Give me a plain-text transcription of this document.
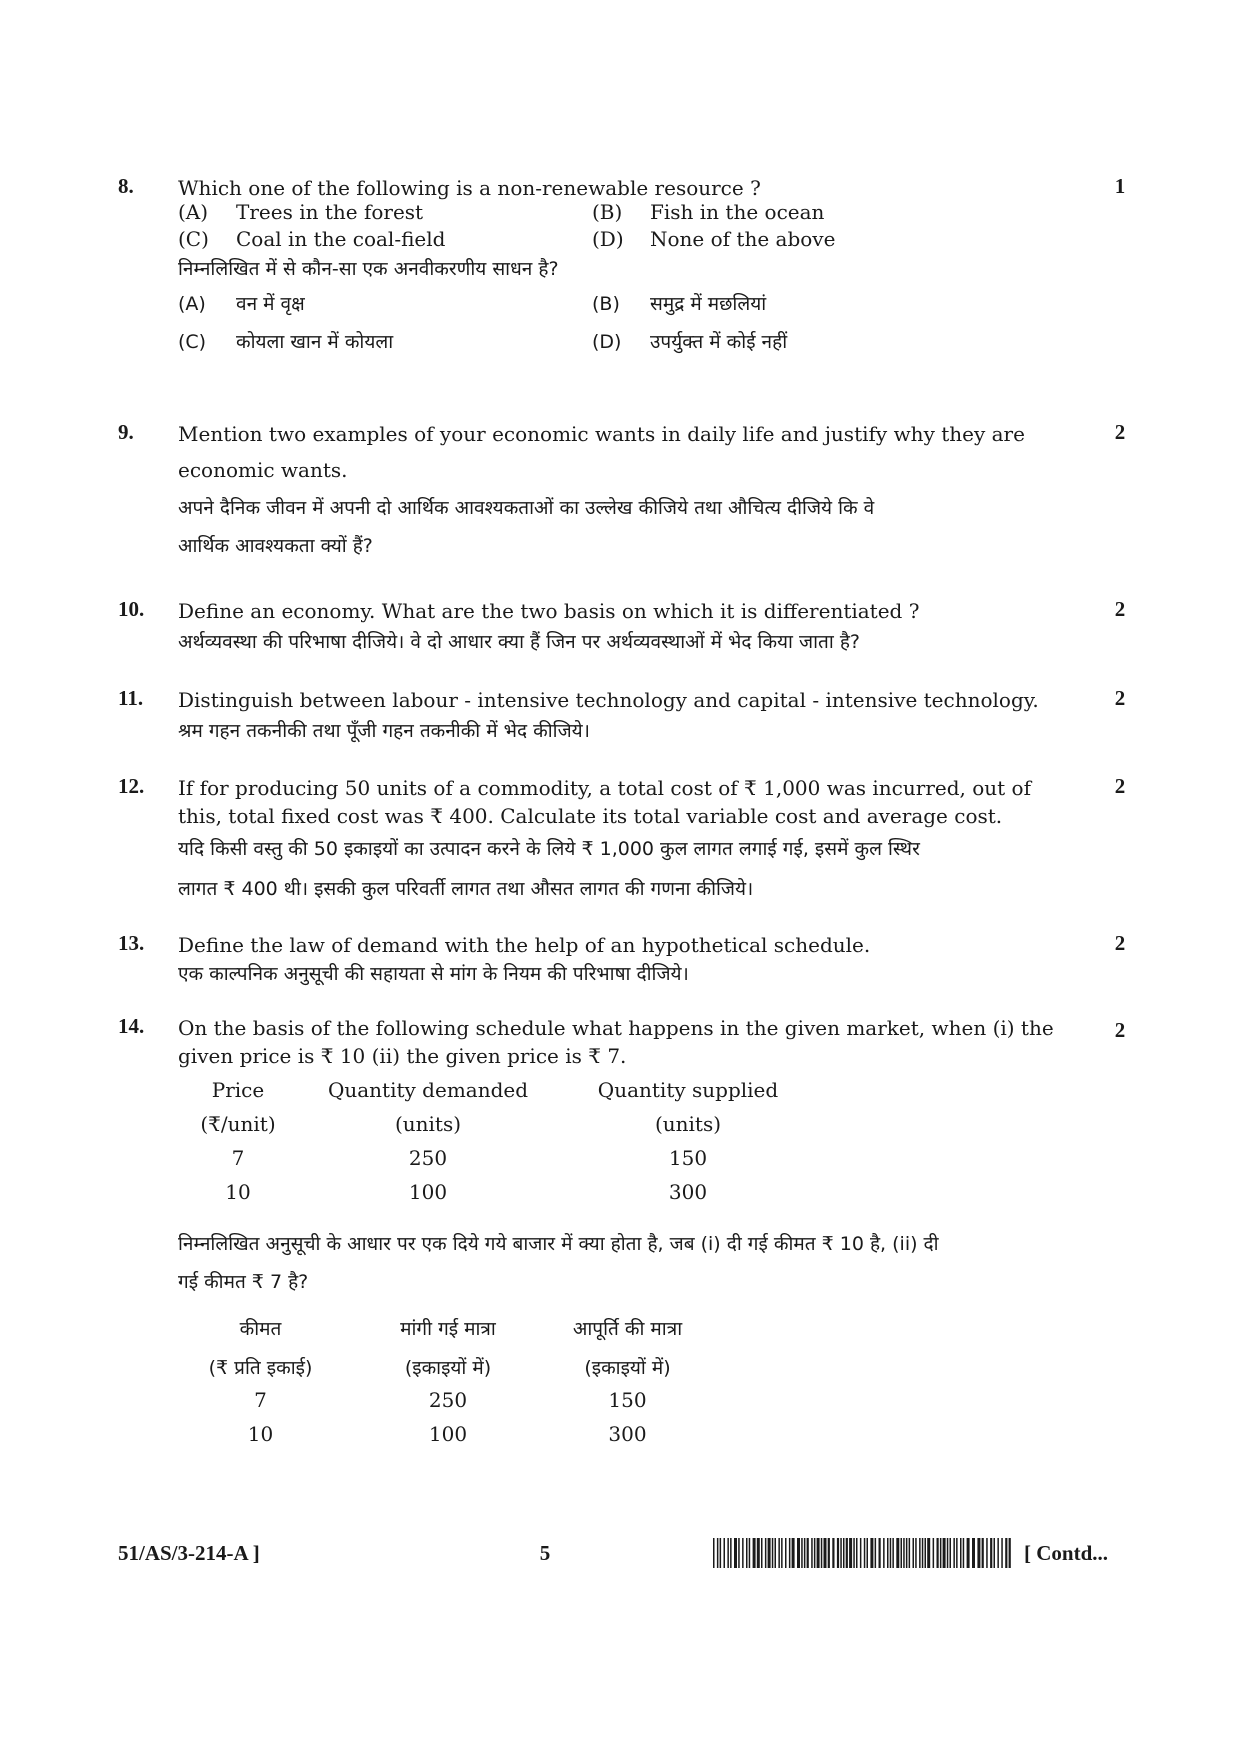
8.	1
Which one of the following is a non-renewable resource ?
(A) Trees in the forest	(B) Fish in the ocean
(C) Coal in the coal-field	(D) None of the above
निम्नलिखित में से कौन-सा एक अनवीकरणीय साधन है?
(A) वन में वृक्ष	(B) समुद्र में मछलियां
(C) कोयला खान में कोयला	(D) उपर्युक्त में कोई नहीं
9.	2
Mention two examples of your economic wants in daily life and justify why they are
economic wants.
अपने दैनिक जीवन में अपनी दो आर्थिक आवश्यकताओं का उल्लेख कीजिये तथा औचित्य दीजिये कि वे
आर्थिक आवश्यकता क्यों हैं?
10.	2
Define an economy. What are the two basis on which it is differentiated ?
अर्थव्यवस्था की परिभाषा दीजिये। वे दो आधार क्या हैं जिन पर अर्थव्यवस्थाओं में भेद किया जाता है?
11.	2
Distinguish between labour - intensive technology and capital - intensive technology.
श्रम गहन तकनीकी तथा पूँजी गहन तकनीकी में भेद कीजिये।
12.	2
If for producing 50 units of a commodity, a total cost of ₹ 1,000 was incurred, out of
this, total fixed cost was ₹ 400. Calculate its total variable cost and average cost.
यदि किसी वस्तु की 50 इकाइयों का उत्पादन करने के लिये ₹ 1,000 कुल लागत लगाई गई, इसमें कुल स्थिर
लागत ₹ 400 थी। इसकी कुल परिवर्ती लागत तथा औसत लागत की गणना कीजिये।
13.	2
Define the law of demand with the help of an hypothetical schedule.
एक काल्पनिक अनुसूची की सहायता से मांग के नियम की परिभाषा दीजिये।
14.	2
On the basis of the following schedule what happens in the given market, when (i) the
given price is ₹ 10 (ii) the given price is ₹ 7.
Price	Quantity demanded	Quantity supplied
(₹/unit)	(units)	(units)
7	250	150
10	100	300
निम्नलिखित अनुसूची के आधार पर एक दिये गये बाजार में क्या होता है, जब (i) दी गई कीमत ₹ 10 है, (ii) दी
गई कीमत ₹ 7 है?
कीमत	मांगी गई मात्रा	आपूर्ति की मात्रा
(₹ प्रति इकाई)	(इकाइयों में)	(इकाइयों में)
7	250	150
10	100	300
51/AS/3-214-A ]	5	[ Contd...
